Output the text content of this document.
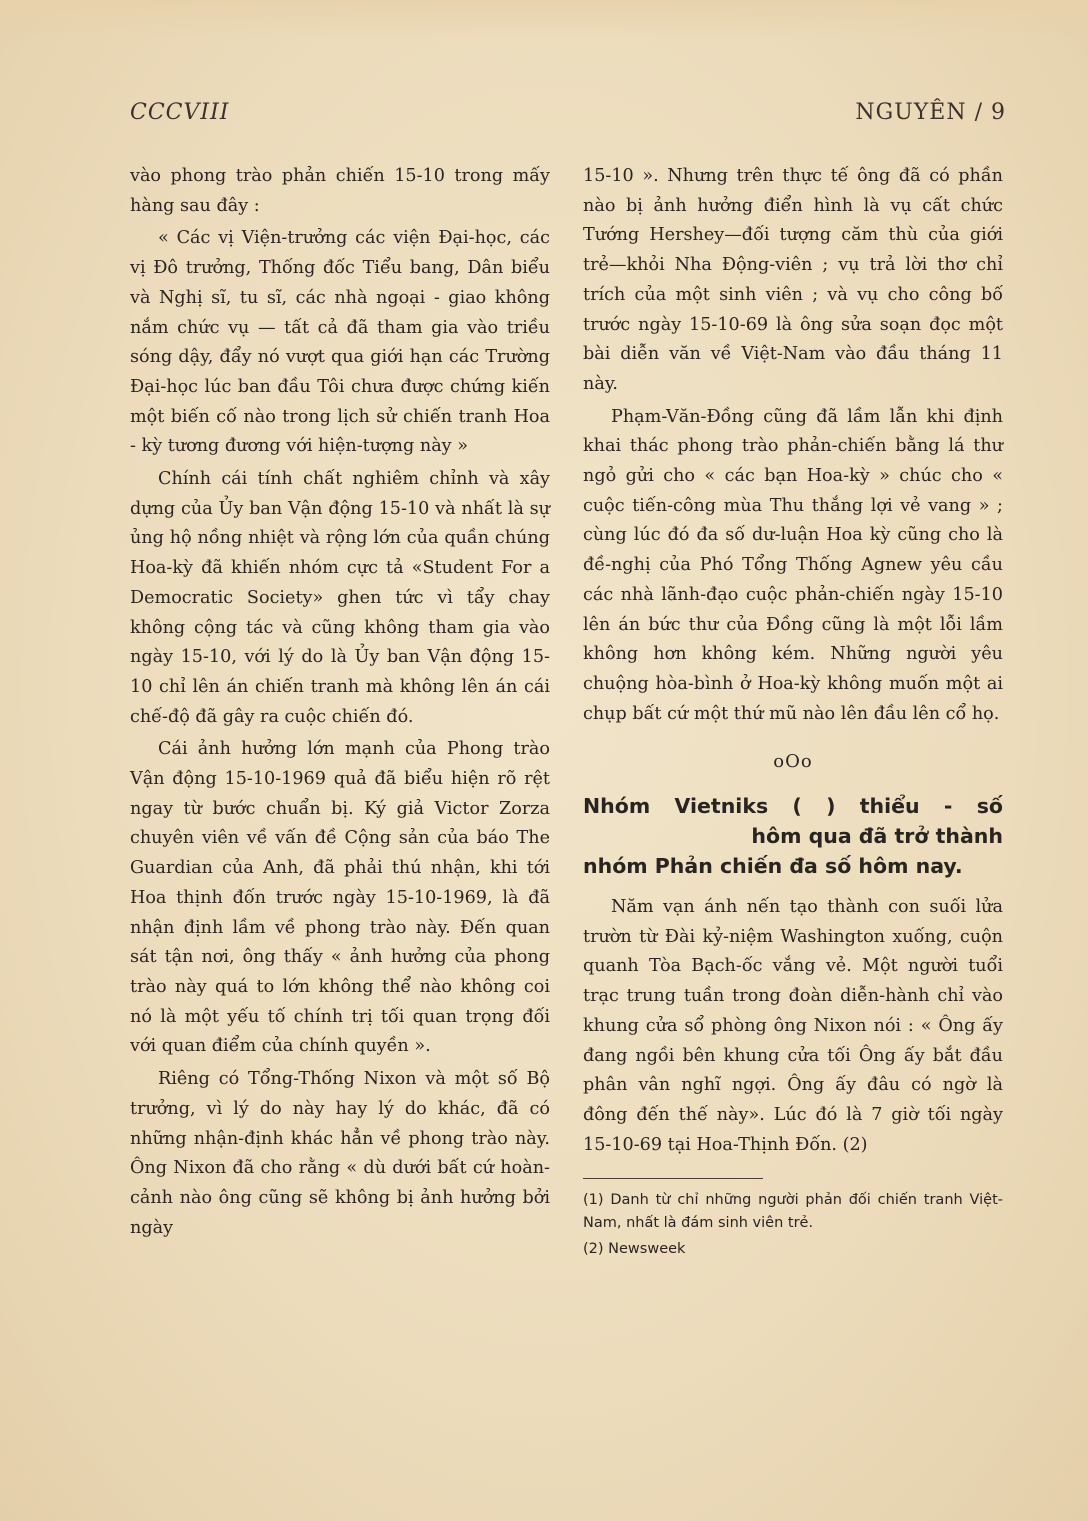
CCCVIII	NGUYÊN / 9

vào phong trào phản chiến 15-10 trong mấy hàng sau đây :

« Các vị Viện-trưởng các viện Đại-học, các vị Đô trưởng, Thống đốc Tiểu bang, Dân biểu và Nghị sĩ, tu sĩ, các nhà ngoại - giao không nắm chức vụ — tất cả đã tham gia vào triều sóng dậy, đẩy nó vượt qua giới hạn các Trường Đại-học lúc ban đầu Tôi chưa được chứng kiến một biến cố nào trong lịch sử chiến tranh Hoa - kỳ tương đương với hiện-tượng này »

Chính cái tính chất nghiêm chỉnh và xây dựng của Ủy ban Vận động 15-10 và nhất là sự ủng hộ nồng nhiệt và rộng lớn của quần chúng Hoa-kỳ đã khiến nhóm cực tả «Student For a Democratic Society» ghen tức vì tẩy chay không cộng tác và cũng không tham gia vào ngày 15-10, với lý do là Ủy ban Vận động 15-10 chỉ lên án chiến tranh mà không lên án cái chế-độ đã gây ra cuộc chiến đó.

Cái ảnh hưởng lớn mạnh của Phong trào Vận động 15-10-1969 quả đã biểu hiện rõ rệt ngay từ bước chuẩn bị. Ký giả Victor Zorza chuyên viên về vấn đề Cộng sản của báo The Guardian của Anh, đã phải thú nhận, khi tới Hoa thịnh đốn trước ngày 15-10-1969, là đã nhận định lầm về phong trào này. Đến quan sát tận nơi, ông thấy « ảnh hưởng của phong trào này quá to lớn không thể nào không coi nó là một yếu tố chính trị tối quan trọng đối với quan điểm của chính quyền ».

Riêng có Tổng-Thống Nixon và một số Bộ trưởng, vì lý do này hay lý do khác, đã có những nhận-định khác hẳn về phong trào này. Ông Nixon đã cho rằng « dù dưới bất cứ hoàn-cảnh nào ông cũng sẽ không bị ảnh hưởng bởi ngày

15-10 ». Nhưng trên thực tế ông đã có phần nào bị ảnh hưởng điển hình là vụ cất chức Tướng Hershey—đối tượng căm thù của giới trẻ—khỏi Nha Động-viên ; vụ trả lời thơ chỉ trích của một sinh viên ; và vụ cho công bố trước ngày 15-10-69 là ông sửa soạn đọc một bài diễn văn về Việt-Nam vào đầu tháng 11 này.

Phạm-Văn-Đồng cũng đã lầm lẫn khi định khai thác phong trào phản-chiến bằng lá thư ngỏ gửi cho « các bạn Hoa-kỳ » chúc cho « cuộc tiến-công mùa Thu thắng lợi vẻ vang » ; cùng lúc đó đa số dư-luận Hoa kỳ cũng cho là đề-nghị của Phó Tổng Thống Agnew yêu cầu các nhà lãnh-đạo cuộc phản-chiến ngày 15-10 lên án bức thư của Đồng cũng là một lỗi lầm không hơn không kém. Những người yêu chuộng hòa-bình ở Hoa-kỳ không muốn một ai chụp bất cứ một thứ mũ nào lên đầu lên cổ họ.

oOo
Nhóm Vietniks ( ) thiểu - số
hôm qua đã trở thành
nhóm Phản chiến đa số hôm nay.

Năm vạn ánh nến tạo thành con suối lửa trườn từ Đài kỷ-niệm Washington xuống, cuộn quanh Tòa Bạch-ốc vắng vẻ. Một người tuổi trạc trung tuần trong đoàn diễn-hành chỉ vào khung cửa sổ phòng ông Nixon nói : « Ông ấy đang ngồi bên khung cửa tối Ông ấy bắt đầu phân vân nghĩ ngợi. Ông ấy đâu có ngờ là đông đến thế này». Lúc đó là 7 giờ tối ngày 15-10-69 tại Hoa-Thịnh Đốn. (2)

(1) Danh từ chỉ những người phản đối chiến tranh Việt-Nam, nhất là đám sinh viên trẻ.

(2) Newsweek
